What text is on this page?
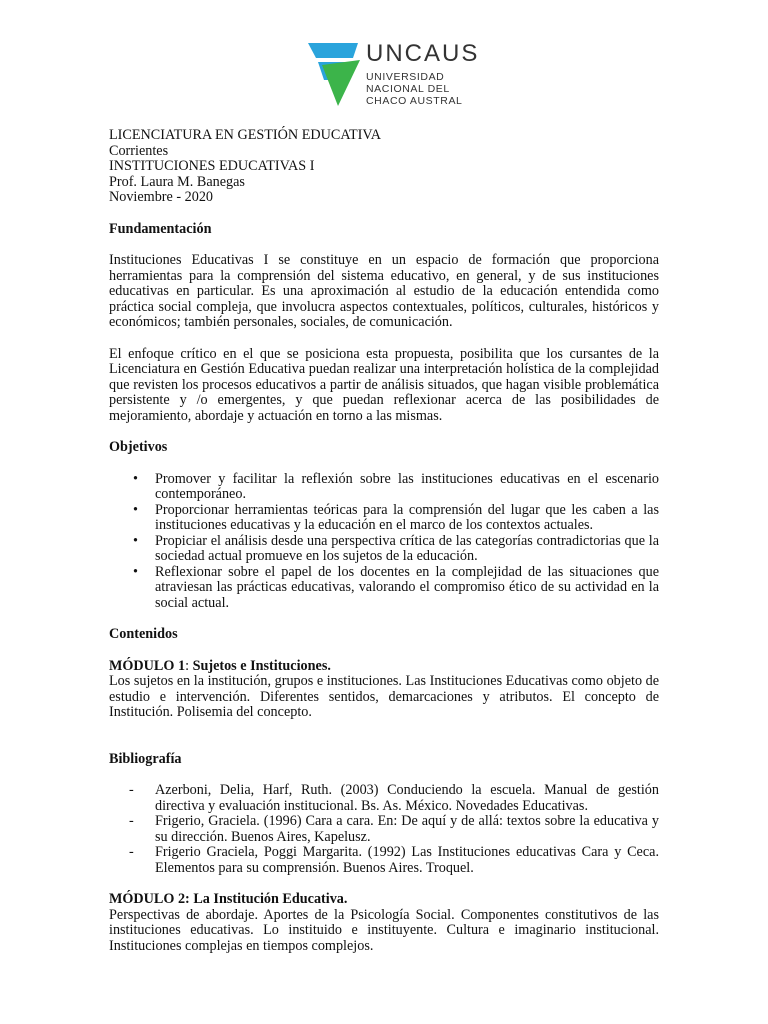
UNCAUS
UNIVERSIDAD
NACIONAL DEL
CHACO AUSTRAL
LICENCIATURA EN GESTIÓN EDUCATIVA
Corrientes
INSTITUCIONES EDUCATIVAS I
Prof. Laura M. Banegas
Noviembre - 2020
Fundamentación

Instituciones Educativas I se constituye en un espacio de formación que proporciona herramientas para la comprensión del sistema educativo, en general, y de sus instituciones educativas en particular. Es una aproximación al estudio de la educación entendida como práctica social compleja, que involucra aspectos contextuales, políticos, culturales, históricos y económicos; también personales, sociales, de comunicación.

El enfoque crítico en el que se posiciona esta propuesta, posibilita que los cursantes de la Licenciatura en Gestión Educativa puedan realizar una interpretación holística de la complejidad que revisten los procesos educativos a partir de análisis situados, que hagan visible problemática persistente y /o emergentes, y que puedan reflexionar acerca de las posibilidades de mejoramiento, abordaje y actuación en torno a las mismas.

Objetivos
• Promover y facilitar la reflexión sobre las instituciones educativas en el escenario contemporáneo.
• Proporcionar herramientas teóricas para la comprensión del lugar que les caben a las instituciones educativas y la educación en el marco de los contextos actuales.
• Propiciar el análisis desde una perspectiva crítica de las categorías contradictorias que la sociedad actual promueve en los sujetos de la educación.
• Reflexionar sobre el papel de los docentes en la complejidad de las situaciones que atraviesan las prácticas educativas, valorando el compromiso ético de su actividad en la social actual.
Contenidos
MÓDULO 1: Sujetos e Instituciones.

Los sujetos en la institución, grupos e instituciones. Las Instituciones Educativas como objeto de estudio e intervención. Diferentes sentidos, demarcaciones y atributos. El concepto de Institución. Polisemia del concepto.

Bibliografía
- Azerboni, Delia, Harf, Ruth. (2003) Conduciendo la escuela. Manual de gestión directiva y evaluación institucional. Bs. As. México. Novedades Educativas.
- Frigerio, Graciela. (1996) Cara a cara. En: De aquí y de allá: textos sobre la educativa y su dirección. Buenos Aires, Kapelusz.
- Frigerio Graciela, Poggi Margarita. (1992) Las Instituciones educativas Cara y Ceca. Elementos para su comprensión. Buenos Aires. Troquel.
MÓDULO 2: La Institución Educativa.

Perspectivas de abordaje. Aportes de la Psicología Social. Componentes constitutivos de las instituciones educativas. Lo instituido e instituyente. Cultura e imaginario institucional. Instituciones complejas en tiempos complejos.
